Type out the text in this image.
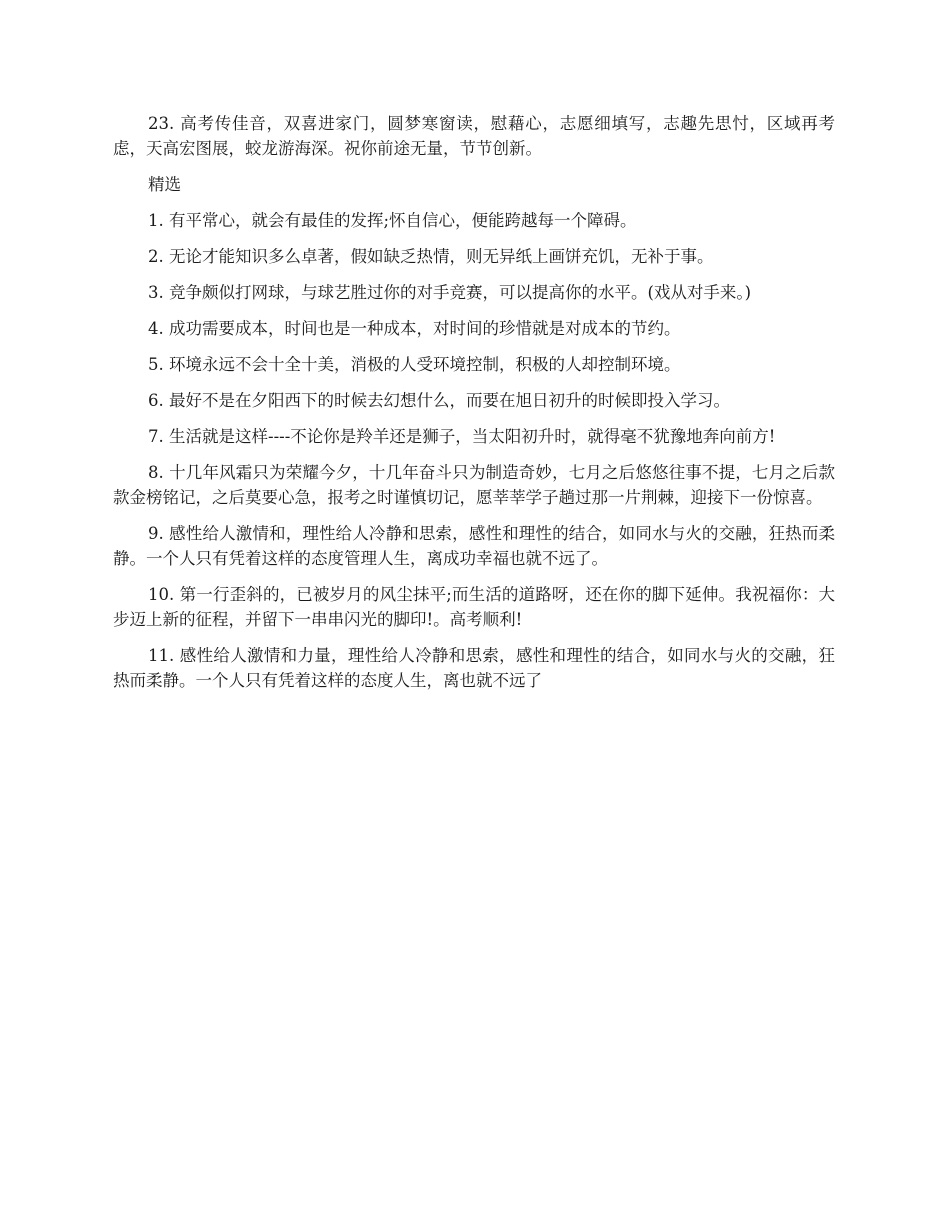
23. 高考传佳音，双喜进家门，圆梦寒窗读，慰藉心，志愿细填写，志趣先思忖，区域再考虑，天高宏图展，蛟龙游海深。祝你前途无量，节节创新。

精选

1. 有平常心，就会有最佳的发挥;怀自信心，便能跨越每一个障碍。

2. 无论才能知识多么卓著，假如缺乏热情，则无异纸上画饼充饥，无补于事。

3. 竞争颇似打网球，与球艺胜过你的对手竞赛，可以提高你的水平。(戏从对手来。)

4. 成功需要成本，时间也是一种成本，对时间的珍惜就是对成本的节约。

5. 环境永远不会十全十美，消极的人受环境控制，积极的人却控制环境。

6. 最好不是在夕阳西下的时候去幻想什么，而要在旭日初升的时候即投入学习。

7. 生活就是这样----不论你是羚羊还是狮子，当太阳初升时，就得毫不犹豫地奔向前方!

8. 十几年风霜只为荣耀今夕，十几年奋斗只为制造奇妙，七月之后悠悠往事不提，七月之后款款金榜铭记，之后莫要心急，报考之时谨慎切记，愿莘莘学子趟过那一片荆棘，迎接下一份惊喜。

9. 感性给人激情和，理性给人冷静和思索，感性和理性的结合，如同水与火的交融，狂热而柔静。一个人只有凭着这样的态度管理人生，离成功幸福也就不远了。

10. 第一行歪斜的，已被岁月的风尘抹平;而生活的道路呀，还在你的脚下延伸。我祝福你：大步迈上新的征程，并留下一串串闪光的脚印!。高考顺利!

11. 感性给人激情和力量，理性给人冷静和思索，感性和理性的结合，如同水与火的交融，狂热而柔静。一个人只有凭着这样的态度人生，离也就不远了
